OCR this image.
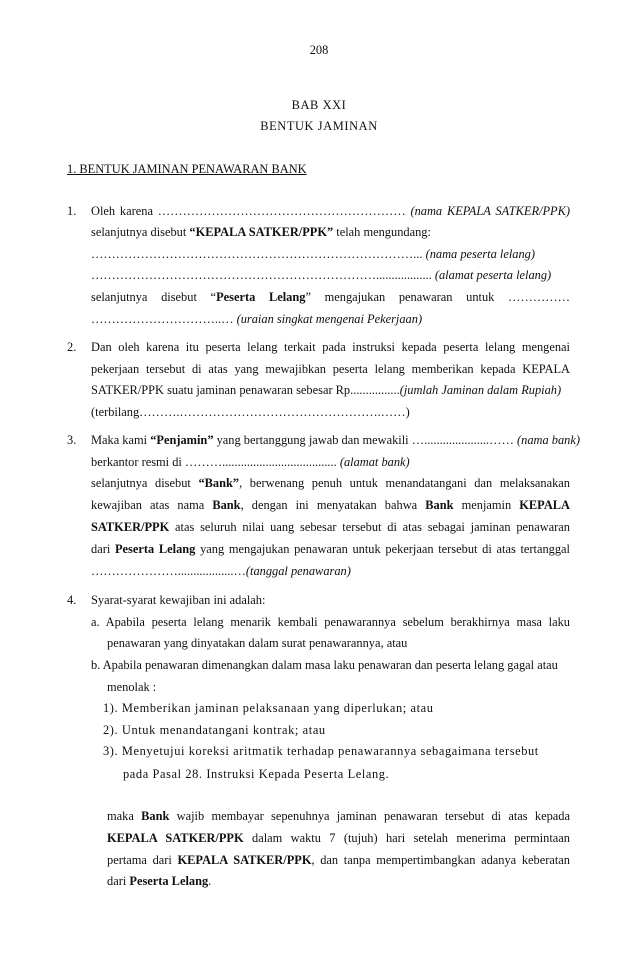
208
BAB XXI
BENTUK JAMINAN
1. BENTUK JAMINAN PENAWARAN BANK
1. Oleh karena …………………………………………………… (nama KEPALA SATKER/PPK)
selanjutnya disebut “KEPALA SATKER/PPK” telah mengundang:
……………………………………………………………………... (nama peserta lelang)
…………………………………………………………….................. (alamat peserta lelang)
selanjutnya disebut “Peserta Lelang” mengajukan penawaran untuk ……………
…………………………..… (uraian singkat mengenai Pekerjaan)
2. Dan oleh karena itu peserta lelang terkait pada instruksi kepada peserta lelang mengenai
pekerjaan tersebut di atas yang mewajibkan peserta lelang memberikan kepada KEPALA
SATKER/PPK suatu jaminan penawaran sebesar Rp................(jumlah Jaminan dalam Rupiah)
(terbilang……….………………………………………….……)
3. Maka kami “Penjamin” yang bertanggung jawab dan mewakili ….....................…… (nama bank)
berkantor resmi di ………..................................... (alamat bank)
selanjutnya disebut “Bank”, berwenang penuh untuk menandatangani dan melaksanakan
kewajiban atas nama Bank, dengan ini menyatakan bahwa Bank menjamin KEPALA
SATKER/PPK atas seluruh nilai uang sebesar tersebut di atas sebagai jaminan penawaran
dari Peserta Lelang yang mengajukan penawaran untuk pekerjaan tersebut di atas tertanggal
…………………..................…(tanggal penawaran)
4. Syarat-syarat kewajiban ini adalah:
a. Apabila peserta lelang menarik kembali penawarannya sebelum berakhirnya masa laku
penawaran yang dinyatakan dalam surat penawarannya, atau
b. Apabila penawaran dimenangkan dalam masa laku penawaran dan peserta lelang gagal atau
menolak :
1). Memberikan jaminan pelaksanaan yang diperlukan; atau
2). Untuk menandatangani kontrak; atau
3). Menyetujui koreksi aritmatik terhadap penawarannya sebagaimana tersebut
pada Pasal 28. Instruksi Kepada Peserta Lelang.
maka Bank wajib membayar sepenuhnya jaminan penawaran tersebut di atas kepada
KEPALA SATKER/PPK dalam waktu 7 (tujuh) hari setelah menerima permintaan
pertama dari KEPALA SATKER/PPK, dan tanpa mempertimbangkan adanya keberatan
dari Peserta Lelang.
